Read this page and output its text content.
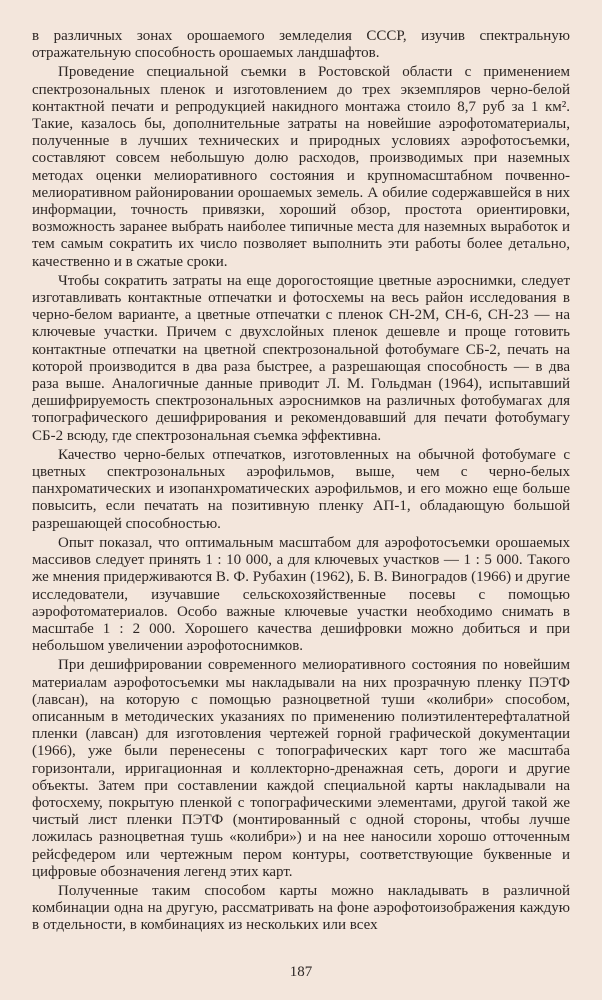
в различных зонах орошаемого земледелия СССР, изучив спектральную отражательную способность орошаемых ландшафтов.

Проведение специальной съемки в Ростовской области с применением спектрозональных пленок и изготовлением до трех экземпляров черно-белой контактной печати и репродукцией накидного монтажа стоило 8,7 руб за 1 км². Такие, казалось бы, дополнительные затраты на новейшие аэрофотоматериалы, полученные в лучших технических и природных условиях аэрофотосъемки, составляют совсем небольшую долю расходов, производимых при наземных методах оценки мелиоративного состояния и крупномасштабном почвенно-мелиоративном районировании орошаемых земель. А обилие содержавшейся в них информации, точность привязки, хороший обзор, простота ориентировки, возможность заранее выбрать наиболее типичные места для наземных выработок и тем самым сократить их число позволяет выполнить эти работы более детально, качественно и в сжатые сроки.

Чтобы сократить затраты на еще дорогостоящие цветные аэроснимки, следует изготавливать контактные отпечатки и фотосхемы на весь район исследования в черно-белом варианте, а цветные отпечатки с пленок СН-2М, СН-6, СН-23 — на ключевые участки. Причем с двухслойных пленок дешевле и проще готовить контактные отпечатки на цветной спектрозональной фотобумаге СБ-2, печать на которой производится в два раза быстрее, а разрешающая способность — в два раза выше. Аналогичные данные приводит Л. М. Гольдман (1964), испытавший дешифрируемость спектрозональных аэроснимков на различных фотобумагах для топографического дешифрирования и рекомендовавший для печати фотобумагу СБ-2 всюду, где спектрозональная съемка эффективна.

Качество черно-белых отпечатков, изготовленных на обычной фотобумаге с цветных спектрозональных аэрофильмов, выше, чем с черно-белых панхроматических и изопанхроматических аэрофильмов, и его можно еще больше повысить, если печатать на позитивную пленку АП-1, обладающую большой разрешающей способностью.

Опыт показал, что оптимальным масштабом для аэрофотосъемки орошаемых массивов следует принять 1 : 10 000, а для ключевых участков — 1 : 5 000. Такого же мнения придерживаются В. Ф. Рубахин (1962), Б. В. Виноградов (1966) и другие исследователи, изучавшие сельскохозяйственные посевы с помощью аэрофотоматериалов. Особо важные ключевые участки необходимо снимать в масштабе 1 : 2 000. Хорошего качества дешифровки можно добиться и при небольшом увеличении аэрофотоснимков.

При дешифрировании современного мелиоративного состояния по новейшим материалам аэрофотосъемки мы накладывали на них прозрачную пленку ПЭТФ (лавсан), на которую с помощью разноцветной туши «колибри» способом, описанным в методических указаниях по применению полиэтилентерефталатной пленки (лавсан) для изготовления чертежей горной графической документации (1966), уже были перенесены с топографических карт того же масштаба горизонтали, ирригационная и коллекторно-дренажная сеть, дороги и другие объекты. Затем при составлении каждой специальной карты накладывали на фотосхему, покрытую пленкой с топографическими элементами, другой такой же чистый лист пленки ПЭТФ (монтированный с одной стороны, чтобы лучше ложилась разноцветная тушь «колибри») и на нее наносили хорошо отточенным рейсфедером или чертежным пером контуры, соответствующие буквенные и цифровые обозначения легенд этих карт.

Полученные таким способом карты можно накладывать в различной комбинации одна на другую, рассматривать на фоне аэрофотоизображения каждую в отдельности, в комбинациях из нескольких или всех

187
